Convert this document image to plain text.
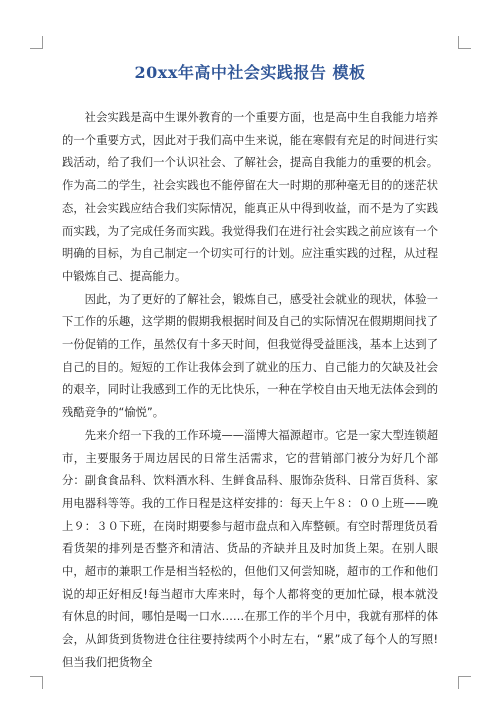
20xx年高中社会实践报告 模板

社会实践是高中生课外教育的一个重要方面，也是高中生自我能力培养的一个重要方式，因此对于我们高中生来说，能在寒假有充足的时间进行实践活动，给了我们一个认识社会、了解社会，提高自我能力的重要的机会。作为高二的学生，社会实践也不能停留在大一时期的那种毫无目的的迷茫状态，社会实践应结合我们实际情况，能真正从中得到收益，而不是为了实践而实践，为了完成任务而实践。我觉得我们在进行社会实践之前应该有一个明确的目标，为自己制定一个切实可行的计划。应注重实践的过程，从过程中锻炼自己、提高能力。

因此，为了更好的了解社会，锻炼自己，感受社会就业的现状，体验一下工作的乐趣，这学期的假期我根据时间及自己的实际情况在假期期间找了一份促销的工作，虽然仅有十多天时间，但我觉得受益匪浅，基本上达到了自己的目的。短短的工作让我体会到了就业的压力、自己能力的欠缺及社会的艰辛，同时让我感到工作的无比快乐，一种在学校自由天地无法体会到的残酷竞争的“愉悦”。

先来介绍一下我的工作环境——淄博大福源超市。它是一家大型连锁超市，主要服务于周边居民的日常生活需求，它的营销部门被分为好几个部分：副食食品科、饮料酒水科、生鲜食品科、服饰杂货科、日常百货科、家用电器科等等。我的工作日程是这样安排的：每天上午８：００上班——晚上９：３０下班，在岗时期要参与超市盘点和入库整顿。有空时帮理货员看看货架的排列是否整齐和清洁、货品的齐缺并且及时加货上架。在别人眼中，超市的兼职工作是相当轻松的，但他们又何尝知晓，超市的工作和他们说的却正好相反!每当超市大库来时，每个人都将变的更加忙碌，根本就没有休息的时间，哪怕是喝一口水……在那工作的半个月中，我就有那样的体会，从卸货到货物进仓往往要持续两个小时左右，“累”成了每个人的写照!但当我们把货物全
